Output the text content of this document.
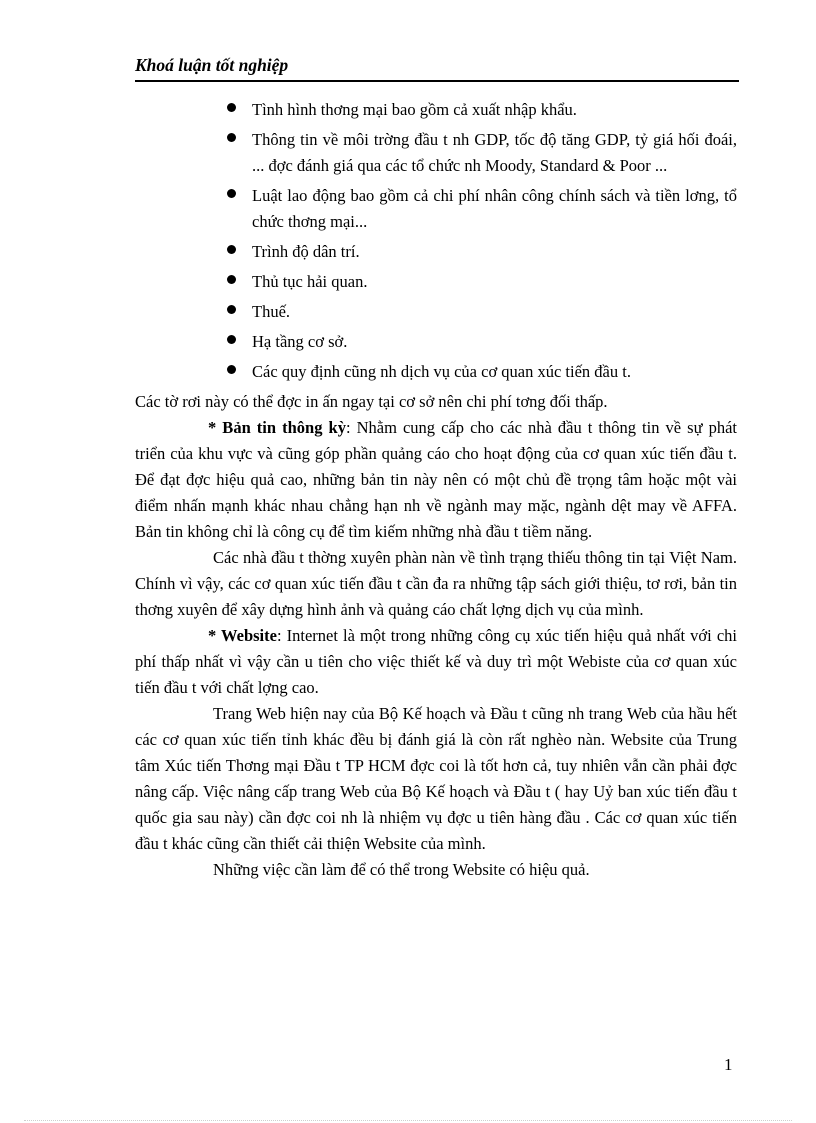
Khoá luận tốt nghiệp
Tình hình thơng mại bao gồm cả xuất nhập khẩu.
Thông tin về môi trờng đầu t nh GDP, tốc độ tăng GDP, tỷ giá hối đoái, ... đợc đánh giá qua các tổ chức nh Moody, Standard & Poor ...
Luật lao động bao gồm cả chi phí nhân công chính sách và tiền lơng, tổ chức thơng mại...
Trình độ dân trí.
Thủ tục hải quan.
Thuế.
Hạ tầng cơ sở.
Các quy định cũng nh dịch vụ của cơ quan xúc tiến đầu t.

Các tờ rơi này có thể đợc in ấn ngay tại cơ sở nên chi phí tơng đối thấp.

* Bản tin thông kỳ: Nhằm cung cấp cho các nhà đầu t thông tin về sự phát triển của khu vực và cũng góp phần quảng cáo cho hoạt động của cơ quan xúc tiến đầu t. Để đạt đợc hiệu quả cao, những bản tin này nên có một chủ đề trọng tâm hoặc một vài điểm nhấn mạnh khác nhau chẳng hạn nh về ngành may mặc, ngành dệt may về AFFA. Bản tin không chỉ là công cụ để tìm kiếm những nhà đầu t tiềm năng.

Các nhà đầu t thờng xuyên phàn nàn về tình trạng thiếu thông tin tại Việt Nam. Chính vì vậy, các cơ quan xúc tiến đầu t cần đa ra những tập sách giới thiệu, tơ rơi, bản tin thơng xuyên để xây dựng hình ảnh và quảng cáo chất lợng dịch vụ của mình.

* Website: Internet là một trong những công cụ xúc tiến hiệu quả nhất với chi phí thấp nhất vì vậy cần u tiên cho việc thiết kế và duy trì một Webiste của cơ quan xúc tiến đầu t với chất lợng cao.

Trang Web hiện nay của Bộ Kế hoạch và Đầu t cũng nh trang Web của hầu hết các cơ quan xúc tiến tỉnh khác đều bị đánh giá là còn rất nghèo nàn. Website của Trung tâm Xúc tiến Thơng mại Đầu t TP HCM đợc coi là tốt hơn cả, tuy nhiên vẫn cần phải đợc nâng cấp. Việc nâng cấp trang Web của Bộ Kế hoạch và Đầu t ( hay Uỷ ban xúc tiến đầu t quốc gia sau này) cần đợc coi nh là nhiệm vụ đợc u tiên hàng đầu . Các cơ quan xúc tiến đầu t khác cũng cần thiết cải thiện Website của mình.

Những việc cần làm để có thể trong Website có hiệu quả.

1
